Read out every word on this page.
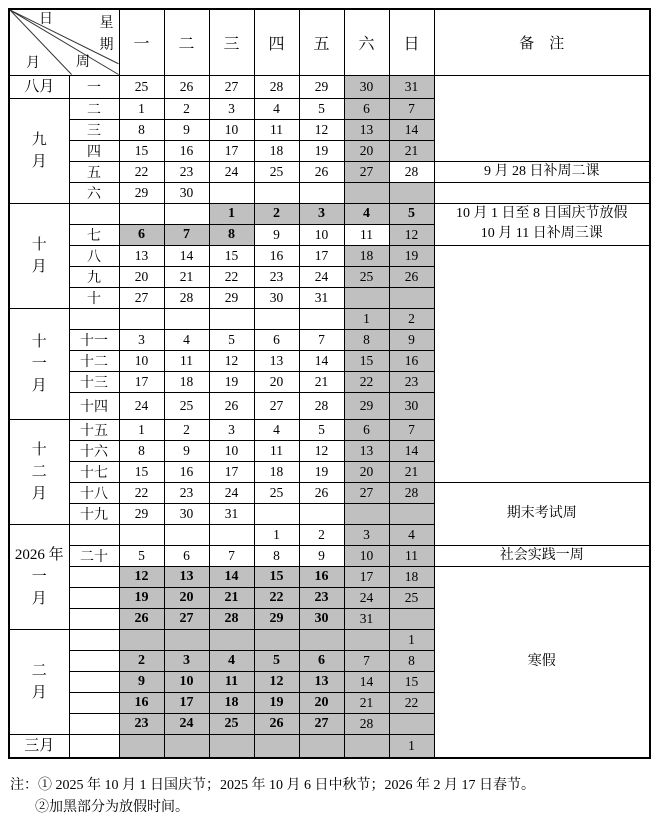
日 星
期
月 周		一	二	三	四	五	六	日	备　注

八月	一	25	26	27	28	29	30	31	

九
月	二	1	2	3	4	5	6	7	
	三	8	9	10	11	12	13	14	
	四	15	16	17	18	19	20	21	
	五	22	23	24	25	26	27	28	9 月 28 日补周二课

	六	29	30						

十
月
				1	2	3	4	5	10 月 1 日至 8 日国庆节放假
10 月 11 日补周三课

	七	6	7	8	9	10	11	12	
	八	13	14	15	16	17	18	19	
	九	20	21	22	23	24	25	26	
	十	27	28	29	30	31			

十
一
月							1	2	
	十一	3	4	5	6	7	8	9	
	十二	10	11	12	13	14	15	16	
	十三	17	18	19	20	21	22	23	
	十四	24	25	26	27	28	29	30	

十
二
月	十五	1	2	3	4	5	6	7	
	十六	8	9	10	11	12	13	14	
	十七	15	16	17	18	19	20	21	
	十八	22	23	24	25	26	27	28	期末考试周

	十九	29	30	31					

2026 年
一
月					1	2	3	4	
	二十	5	6	7	8	9	10	11	社会实践一周

		12	13	14	15	16	17	18	寒假

		19	20	21	22	23	24	25	
		26	27	28	29	30	31		

二
月								1	
		2	3	4	5	6	7	8	
		9	10	11	12	13	14	15	
		16	17	18	19	20	21	22	
		23	24	25	26	27	28		

三月								1	
注：① 2025 年 10 月 1 日国庆节；2025 年 10 月 6 日中秋节；2026 年 2 月 17 日春节。
②加黑部分为放假时间。
